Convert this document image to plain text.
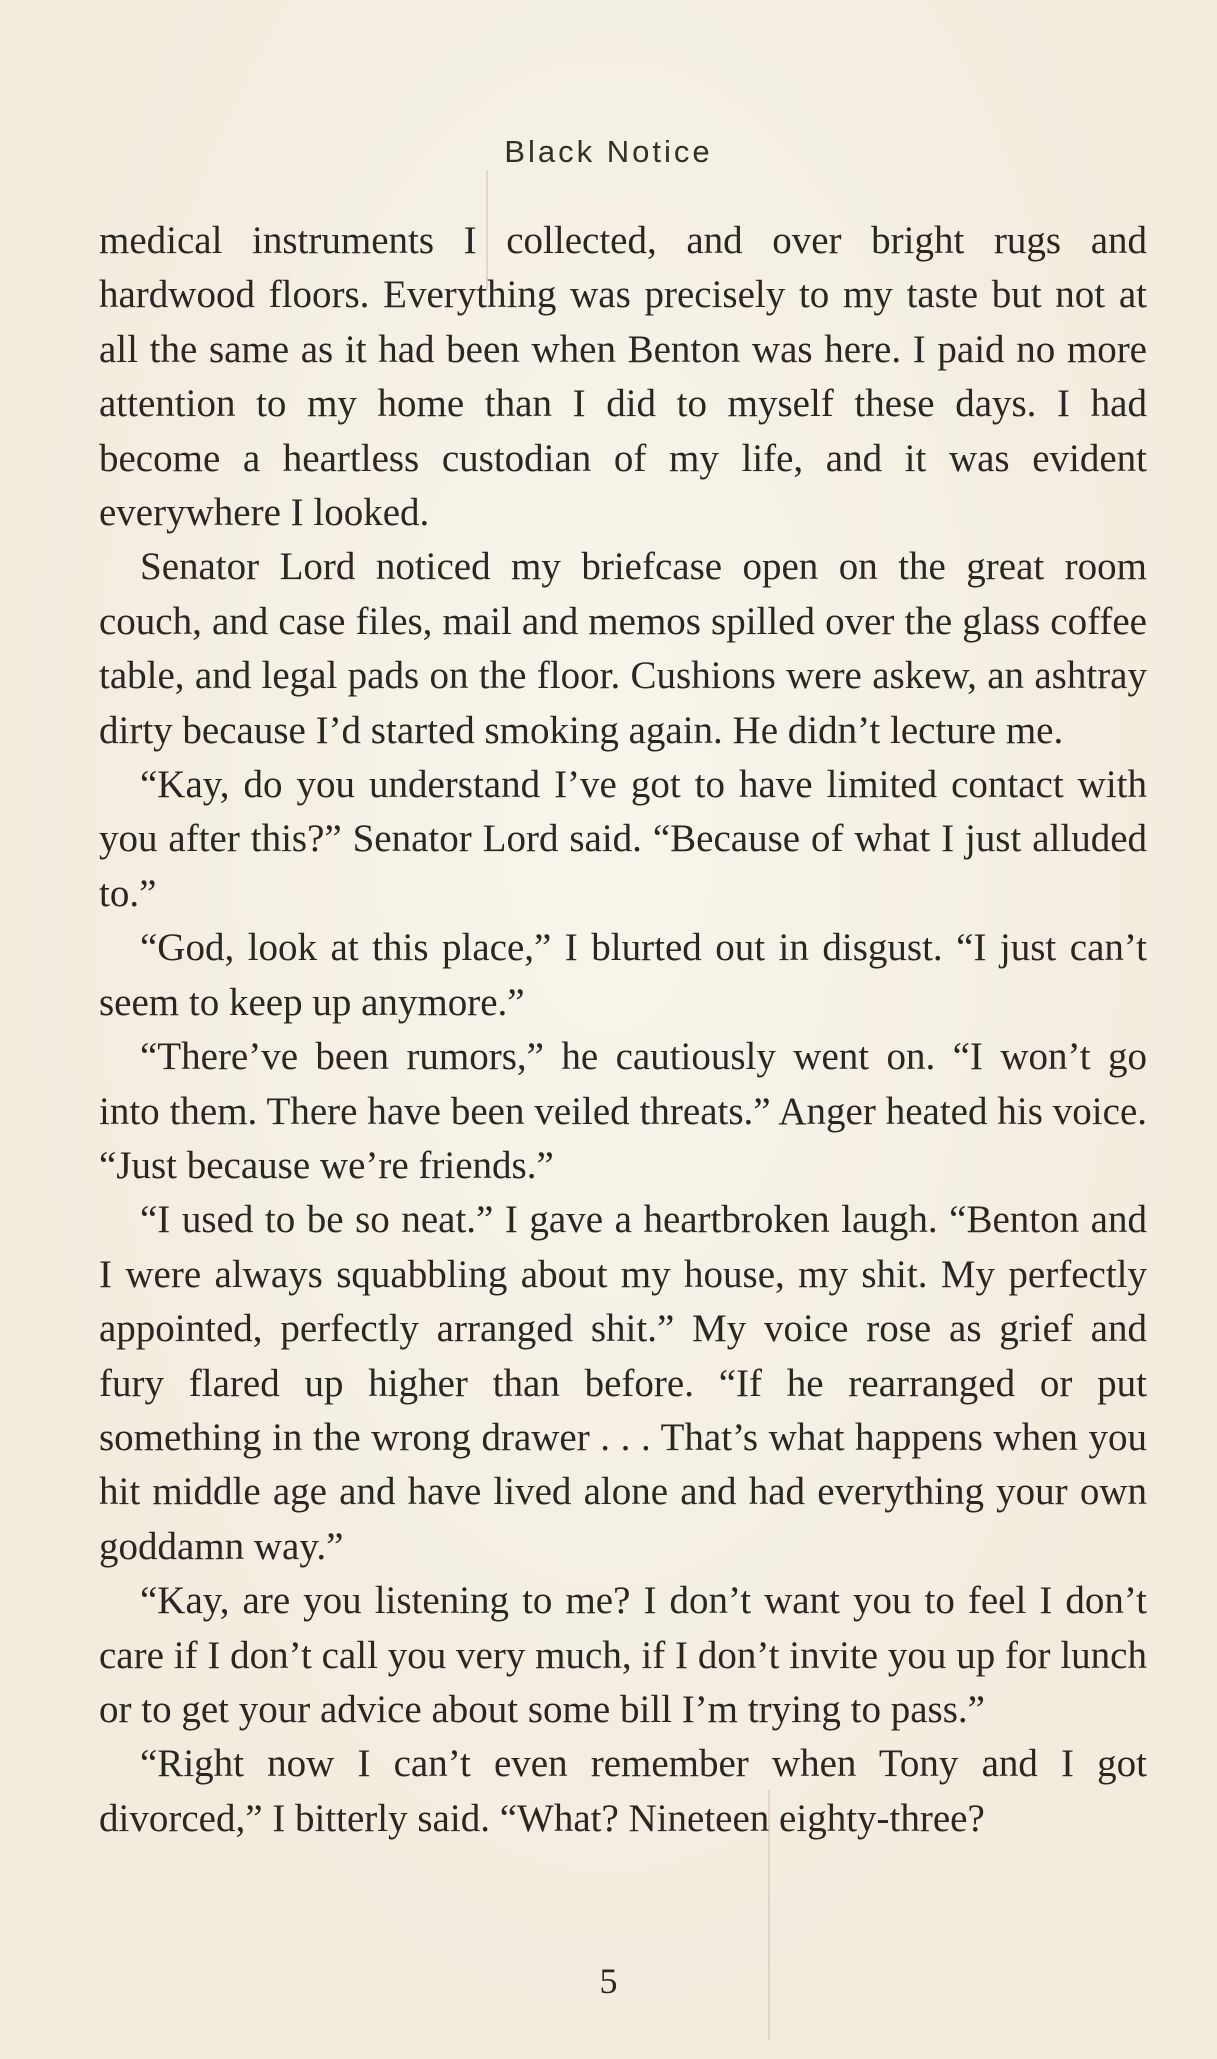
Black Notice

medical instruments I collected, and over bright rugs and hardwood floors. Everything was precisely to my taste but not at all the same as it had been when Benton was here. I paid no more attention to my home than I did to myself these days. I had become a heartless custodian of my life, and it was evident everywhere I looked.

Senator Lord noticed my briefcase open on the great room couch, and case files, mail and memos spilled over the glass coffee table, and legal pads on the floor. Cushions were askew, an ashtray dirty because I’d started smoking again. He didn’t lecture me.

“Kay, do you understand I’ve got to have limited contact with you after this?” Senator Lord said. “Because of what I just alluded to.”

“God, look at this place,” I blurted out in disgust. “I just can’t seem to keep up anymore.”

“There’ve been rumors,” he cautiously went on. “I won’t go into them. There have been veiled threats.” Anger heated his voice. “Just because we’re friends.”

“I used to be so neat.” I gave a heartbroken laugh. “Benton and I were always squabbling about my house, my shit. My perfectly appointed, perfectly arranged shit.” My voice rose as grief and fury flared up higher than before. “If he rearranged or put something in the wrong drawer . . . That’s what happens when you hit middle age and have lived alone and had everything your own goddamn way.”

“Kay, are you listening to me? I don’t want you to feel I don’t care if I don’t call you very much, if I don’t invite you up for lunch or to get your advice about some bill I’m trying to pass.”

“Right now I can’t even remember when Tony and I got divorced,” I bitterly said. “What? Nineteen eighty-three?

5
